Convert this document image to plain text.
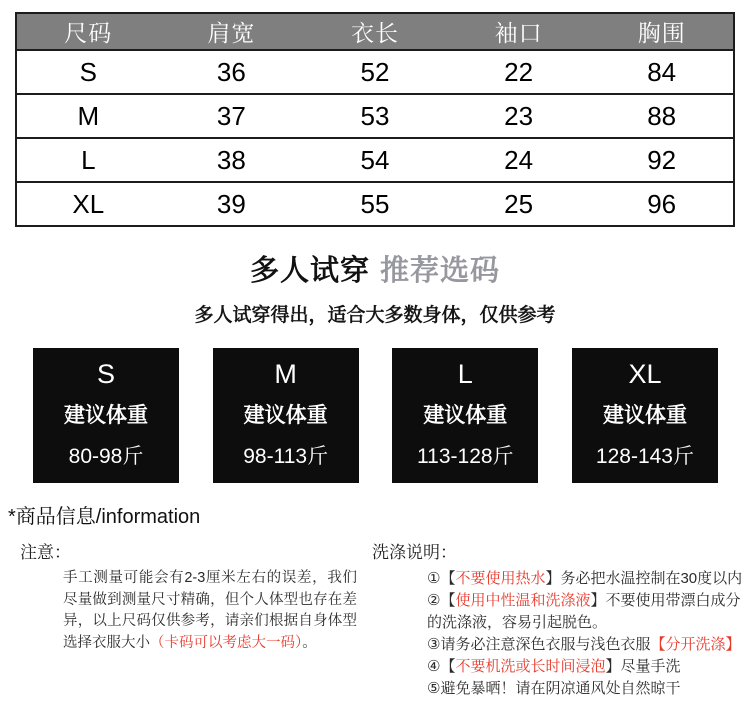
尺码	肩宽	衣长	袖口	胸围
S	36	52	22	84
M	37	53	23	88
L	38	54	24	92
XL	39	55	25	96
多人试穿 推荐选码
多人试穿得出，适合大多数身体，仅供参考
S
建议体重
80-98斤
M
建议体重
98-113斤
L
建议体重
113-128斤
XL
建议体重
128-143斤
*商品信息/information
注意：

手工测量可能会有2-3厘米左右的误差，我们尽量做到测量尺寸精确，但个人体型也存在差异，以上尺码仅供参考，请亲们根据自身体型选择衣服大小（卡码可以考虑大一码）。

洗涤说明：

①【不要使用热水】务必把水温控制在30度以内

②【使用中性温和洗涤液】不要使用带漂白成分的洗涤液，容易引起脱色。

③请务必注意深色衣服与浅色衣服【分开洗涤】

④【不要机洗或长时间浸泡】尽量手洗

⑤避免暴晒！请在阴凉通风处自然晾干
